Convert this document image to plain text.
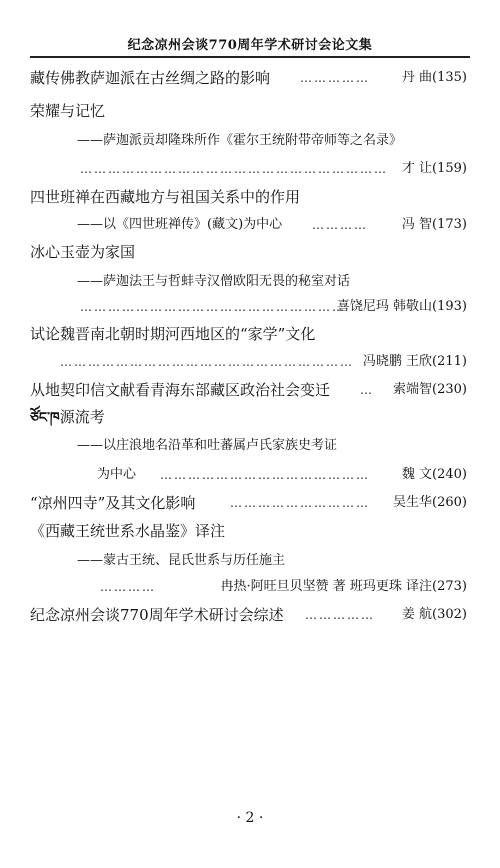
纪念凉州会谈770周年学术研讨会论文集
藏传佛教萨迦派在古丝绸之路的影响 …………… 丹 曲(135)
荣耀与记忆
——萨迦派贡却隆珠所作《霍尔王统附带帝师等之名录》
………………………………………………………… 才 让(159)
四世班禅在西藏地方与祖国关系中的作用
——以《四世班禅传》(藏文)为中心 …………	冯 智(173)
冰心玉壶为家国
——萨迦法王与哲蚌寺汉僧欧阳无畏的秘室对话
…………………………………………………
喜饶尼玛 韩敬山(193)
试论魏晋南北朝时期河西地区的“家学”文化
……………………………………………………… 冯晓鹏 王欣(211)
从地契印信文献看青海东部藏区政治社会变迁 … 索端智(230)
ཙོང་ཁ源流考
——以庄浪地名沿革和吐蕃属卢氏家族史考证
为中心 ……………………………………… 魏 文(240)
“凉州四寺”及其文化影响	………………………… 吴生华(260)
《西藏王统世系水晶鉴》译注
——蒙古王统、昆氏世系与历任施主
…………	冉热·阿旺旦贝坚赞 著 班玛更珠 译注(273)
纪念凉州会谈770周年学术研讨会综述 …………… 姜 航(302)
· 2 ·
